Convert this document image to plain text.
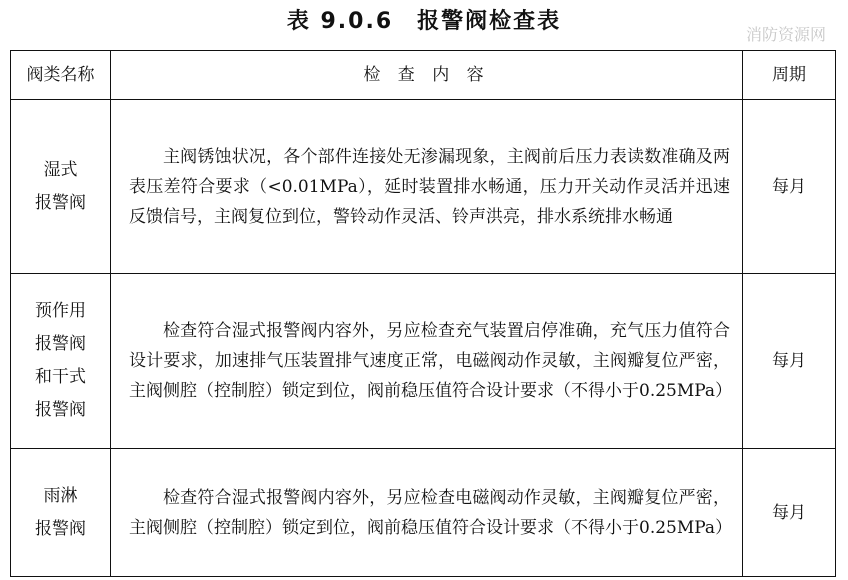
表 9.0.6　报警阀检查表
消防资源网
阀类名称	检 查 内 容	周期
湿式
报警阀	主阀锈蚀状况，各个部件连接处无渗漏现象，主阀前后压力表读数准确及两表压差符合要求（<0.01MPa），延时装置排水畅通，压力开关动作灵活并迅速反馈信号，主阀复位到位，警铃动作灵活、铃声洪亮，排水系统排水畅通	每月
预作用
报警阀
和干式
报警阀	检查符合湿式报警阀内容外，另应检查充气装置启停准确，充气压力值符合设计要求，加速排气压装置排气速度正常，电磁阀动作灵敏，主阀瓣复位严密，主阀侧腔（控制腔）锁定到位，阀前稳压值符合设计要求（不得小于0.25MPa）	每月
雨淋
报警阀	检查符合湿式报警阀内容外，另应检查电磁阀动作灵敏，主阀瓣复位严密，主阀侧腔（控制腔）锁定到位，阀前稳压值符合设计要求（不得小于0.25MPa）	每月
